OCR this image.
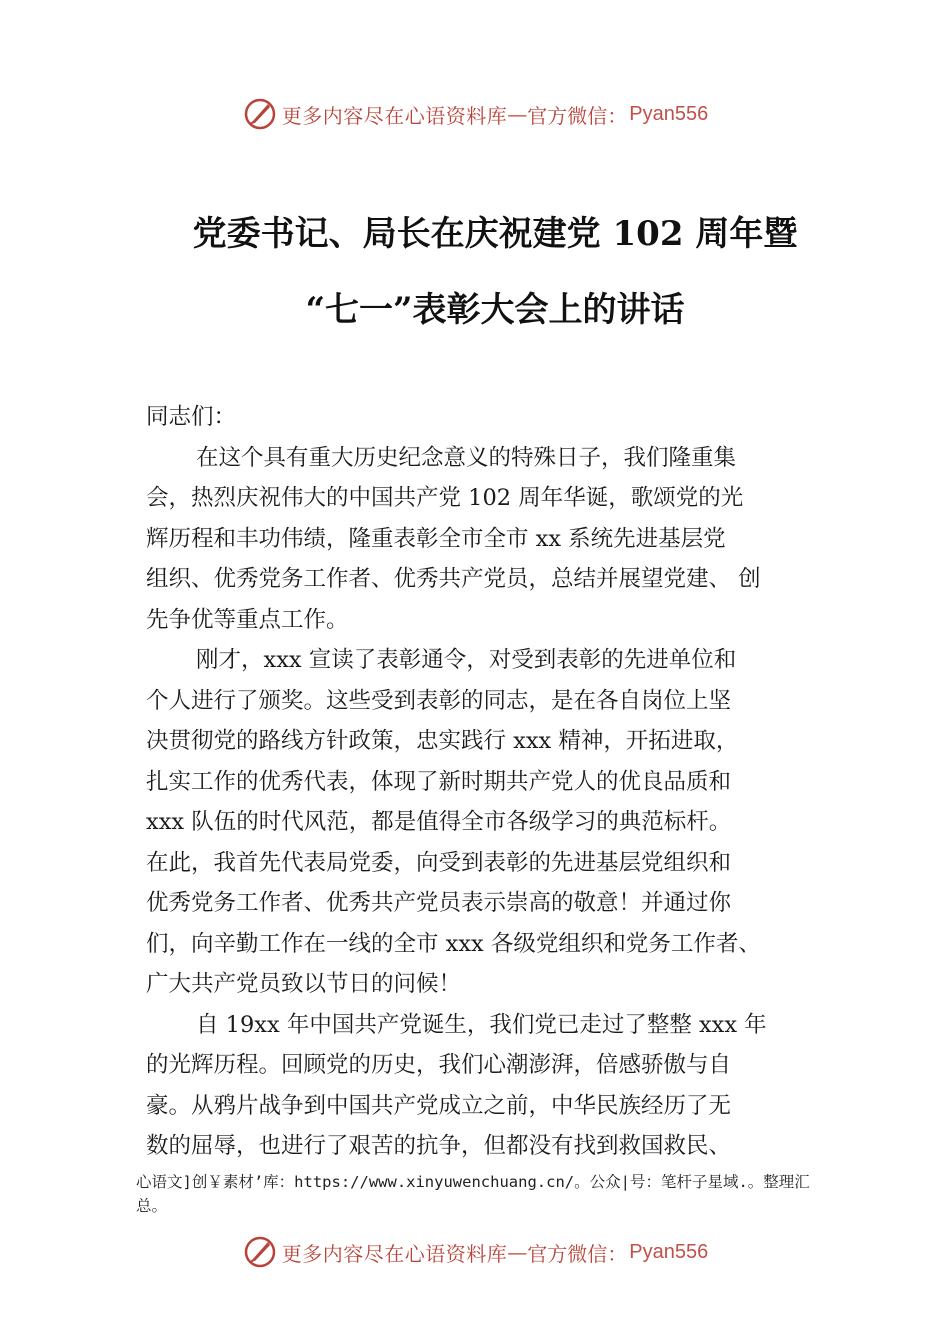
更多内容尽在心语资料库 — 官方微信： Pyan556
党委书记、局长在庆祝建党 102 周年暨
“七一”表彰大会上的讲话
同志们：
在这个具有重大历史纪念意义的特殊日子，我们隆重集
会，热烈庆祝伟大的中国共产党 102 周年华诞，歌颂党的光
辉历程和丰功伟绩，隆重表彰全市全市 xx 系统先进基层党
组织、优秀党务工作者、优秀共产党员，总结并展望党建、 创
先争优等重点工作。
刚才，xxx 宣读了表彰通令，对受到表彰的先进单位和
个人进行了颁奖。这些受到表彰的同志，是在各自岗位上坚
决贯彻党的路线方针政策，忠实践行 xxx 精神，开拓进取，
扎实工作的优秀代表，体现了新时期共产党人的优良品质和
xxx 队伍的时代风范，都是值得全市各级学习的典范标杆。
在此，我首先代表局党委，向受到表彰的先进基层党组织和
优秀党务工作者、优秀共产党员表示崇高的敬意！并通过你
们，向辛勤工作在一线的全市 xxx 各级党组织和党务工作者、
广大共产党员致以节日的问候！
自 19xx 年中国共产党诞生，我们党已走过了整整 xxx 年
的光辉历程。回顾党的历史，我们心潮澎湃，倍感骄傲与自
豪。从鸦片战争到中国共产党成立之前，中华民族经历了无
数的屈辱，也进行了艰苦的抗争，但都没有找到救国救民、
心语文]创￥素材’库：https://www.xinyuwenchuang.cn/。公众|号：笔杆子星域.。整理汇
总。
更多内容尽在心语资料库 — 官方微信： Pyan556
